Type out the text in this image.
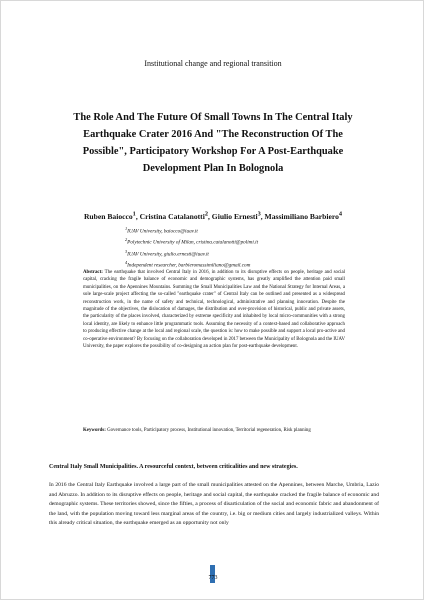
Institutional change and regional transition
The Role And The Future Of Small Towns In The Central Italy Earthquake Crater 2016 And "The Reconstruction Of The Possible", Participatory Workshop For A Post-Earthquake Development Plan In Bolognola
Ruben Baiocco$^1$, Cristina Catalanotti$^2$, Giulio Ernesti$^3$, Massimiliano Barbiero$^4$
$^1$IUAV University, baiocco@iuav.it
$^2$Polytechnic University of Milan, cristina.catalanotti@polimi.it
$^3$IUAV University, giulio.ernesti@iuav.it
$^4$Independent researcher, barbieromassimiliano@gmail.com
Abstract: The earthquake that involved Central Italy in 2016, in addition to its disruptive effects on people, heritage and social capital, cracking the fragile balance of economic and demographic systems, has greatly amplified the attention paid small municipalities, on the Apennines Mountains. Summing the Small Municipalities Law and the National Strategy for Internal Areas, a sole large-scale project affecting the so-called "earthquake crater" of Central Italy can be outlined and presented as a widespread reconstruction work, in the name of safety and technical, technological, administrative and planning innovation. Despite the magnitude of the objectives, the dislocation of damages, the distribution and over-provision of historical, public and private assets, the particularity of the places involved, characterized by extreme specificity and inhabited by local micro-communities with a strong local identity, are likely to enhance little programmatic tools. Assuming the necessity of a context-based and collaborative approach to producing effective change at the local and regional scale, the question is: how to make possible and support a local pro-active and co-operative environment? By focusing on the collaboration developed in 2017 between the Municipality of Bolognola and the IUAV University, the paper explores the possibility of co-designing an action plan for post-earthquake development.
Keywords: Governance tools, Participatory process, Institutional innovation, Territorial regeneration, Risk planning
Central Italy Small Municipalities. A resourceful context, between criticalities and new strategies.
In 2016 the Central Italy Earthquake involved a large part of the small municipalities attested on the Apennines, between Marche, Umbria, Lazio and Abruzzo. In addition to its disruptive effects on people, heritage and social capital, the earthquake cracked the fragile balance of economic and demographic systems. These territories showed, since the fifties, a process of disarticulation of the social and economic fabric and abandonment of the land, with the population moving toward less marginal areas of the country, i.e. big or medium cities and largely industrialized valleys. Within this already critical situation, the earthquake emerged as an opportunity not only
773
